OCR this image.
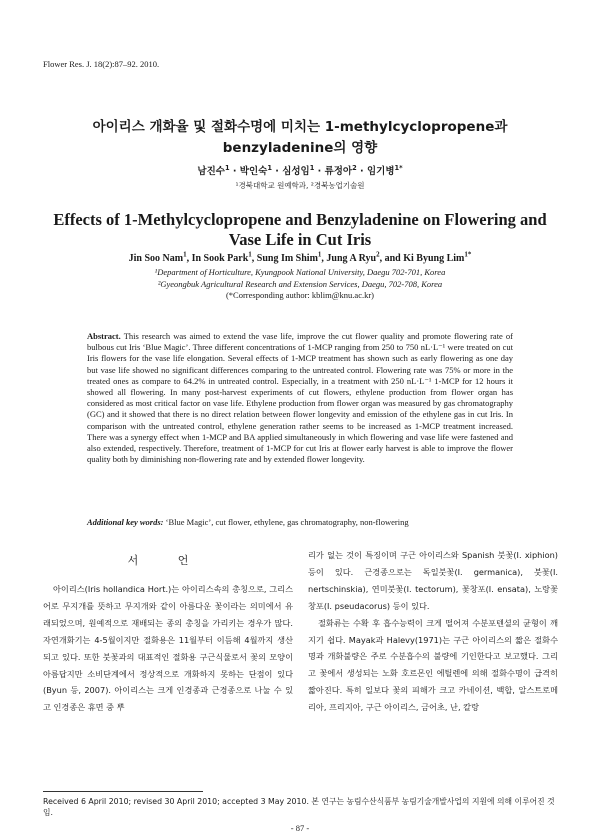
Flower Res. J. 18(2):87–92. 2010.
아이리스 개화율 및 절화수명에 미치는 1-methylcyclopropene과
benzyladenine의 영향
남진수$^1$ · 박인숙$^1$ · 심성임$^1$ · 류정아$^2$ · 임기병$^{1*}$
¹경북대학교 원예학과, ²경북농업기술원
Effects of 1-Methylcyclopropene and Benzyladenine on Flowering and
Vase Life in Cut Iris
Jin Soo Nam$^1$, In Sook Park$^1$, Sung Im Shim$^1$, Jung A Ryu$^2$, and Ki Byung Lim$^{1*}$
¹Department of Horticulture, Kyungpook National University, Daegu 702-701, Korea
²Gyeongbuk Agricultural Research and Extension Services, Daegu, 702-708, Korea
(*Corresponding author: kblim@knu.ac.kr)
Abstract. This research was aimed to extend the vase life, improve the cut flower quality and promote flowering rate of bulbous cut Iris ‘Blue Magic’. Three different concentrations of 1-MCP ranging from 250 to 750 nL·L⁻¹ were treated on cut Iris flowers for the vase life elongation. Several effects of 1-MCP treatment has shown such as early flowering as one day but vase life showed no significant differences comparing to the untreated control. Flowering rate was 75% or more in the treated ones as compare to 64.2% in untreated control. Especially, in a treatment with 250 nL·L⁻¹ 1-MCP for 12 hours it showed all flowering. In many post-harvest experiments of cut flowers, ethylene production from flower organ has considered as most critical factor on vase life. Ethylene production from flower organ was measured by gas chromatography (GC) and it showed that there is no direct relation between flower longevity and emission of the ethylene gas in cut Iris. In comparison with the untreated control, ethylene generation rather seems to be increased as 1-MCP treatment increased. There was a synergy effect when 1-MCP and BA applied simultaneously in which flowering and vase life were fastened and also extended, respectively. Therefore, treatment of 1-MCP for cut Iris at flower early harvest is able to improve the flower quality both by diminishing non-flowering rate and by extended flower longevity.
Additional key words: ‘Blue Magic’, cut flower, ethylene, gas chromatography, non-flowering
서 언

아이리스(Iris hollandica Hort.)는 아이리스속의 총칭으로, 그리스어로 무지개를 뜻하고 무지개와 같이 아름다운 꽃이라는 의미에서 유래되었으며, 원예적으로 재배되는 종의 총칭을 가리키는 경우가 많다. 자연개화기는 4-5월이지만 절화용은 11월부터 이듬해 4월까지 생산되고 있다. 또한 붓꽃과의 대표적인 절화용 구근식물로서 꽃의 모양이 아름답지만 소비단계에서 정상적으로 개화하지 못하는 단점이 있다(Byun 등, 2007). 아이리스는 크게 인경종과 근경종으로 나눌 수 있고 인경종은 휴면 중 뿌

리가 없는 것이 특징이며 구근 아이리스와 Spanish 붓꽃(I. xiphion) 등이 있다. 근경종으로는 독일붓꽃(I. germanica), 붓꽃(I. nertschinskia), 연미붓꽃(I. tectorum), 꽃창포(I. ensata), 노랑꽃창포(I. pseudacorus) 등이 있다.

절화류는 수확 후 흡수능력이 크게 떨어져 수분포텐셜의 균형이 깨지기 쉽다. Mayak과 Halevy(1971)는 구근 아이리스의 짧은 절화수명과 개화불량은 주로 수분흡수의 불량에 기인한다고 보고했다. 그리고 꽃에서 생성되는 노화 호르몬인 에틸렌에 의해 절화수명이 급격히 짧아진다. 특히 일보다 꽃의 피해가 크고 카네이션, 백합, 알스트로메리아, 프리지아, 구근 아이리스, 금어초, 난, 칼랑

Received 6 April 2010; revised 30 April 2010; accepted 3 May 2010. 본 연구는 농림수산식품부 농림기술개발사업의 지원에 의해 이루어진 것임.
- 87 -
